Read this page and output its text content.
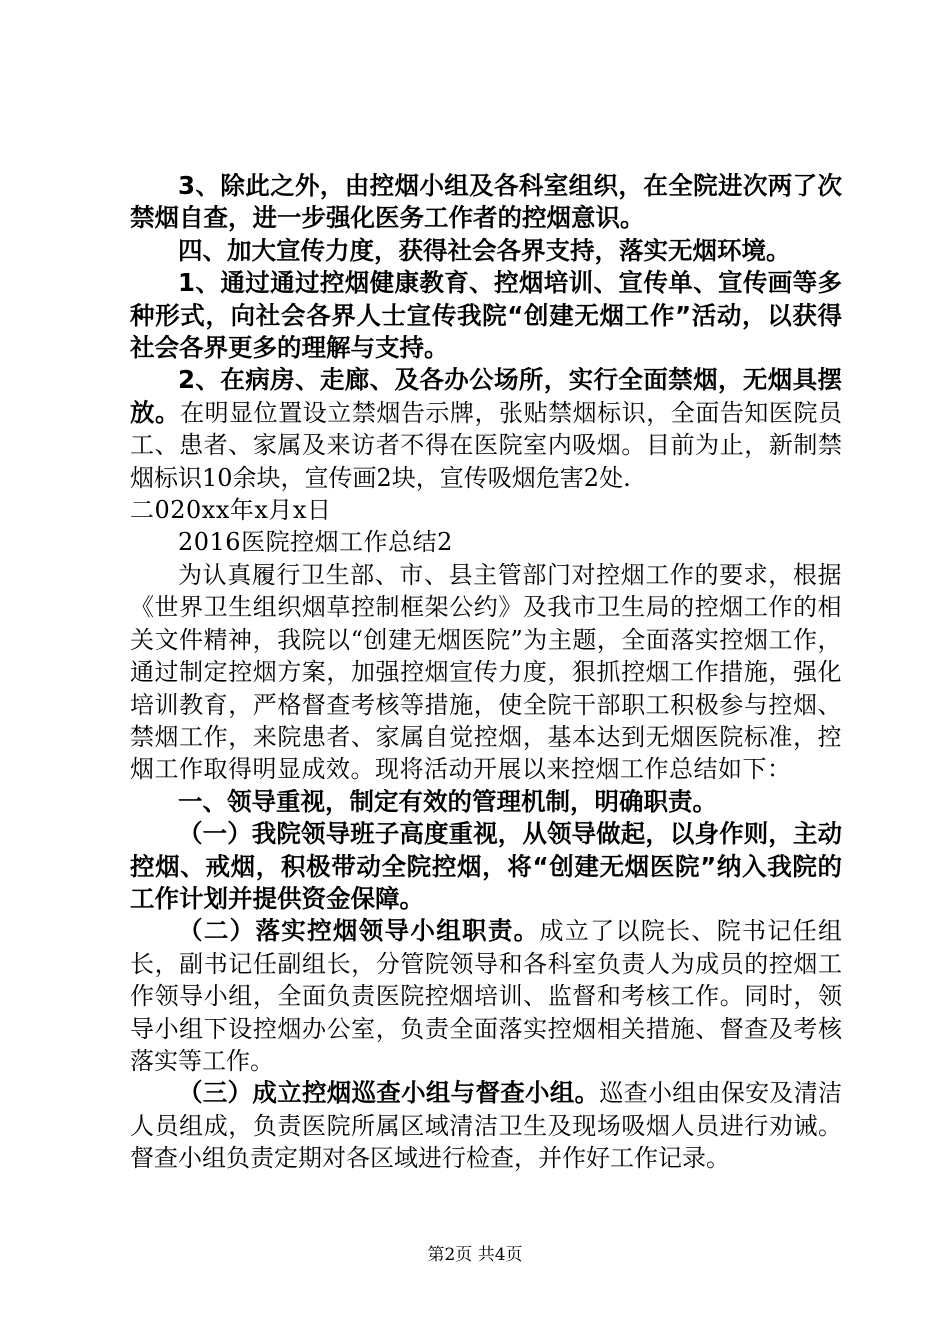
3、除此之外，由控烟小组及各科室组织，在全院进次两了次禁烟自查，进一步强化医务工作者的控烟意识。

四、加大宣传力度，获得社会各界支持，落实无烟环境。

1、通过通过控烟健康教育、控烟培训、宣传单、宣传画等多种形式，向社会各界人士宣传我院“创建无烟工作”活动，以获得社会各界更多的理解与支持。

2、在病房、走廊、及各办公场所，实行全面禁烟，无烟具摆放。在明显位置设立禁烟告示牌，张贴禁烟标识，全面告知医院员工、患者、家属及来访者不得在医院室内吸烟。目前为止，新制禁烟标识10余块，宣传画2块，宣传吸烟危害2处.

二020xx年x月x日

2016医院控烟工作总结2

为认真履行卫生部、市、县主管部门对控烟工作的要求，根据《世界卫生组织烟草控制框架公约》及我市卫生局的控烟工作的相关文件精神，我院以“创建无烟医院”为主题，全面落实控烟工作，通过制定控烟方案，加强控烟宣传力度，狠抓控烟工作措施，强化培训教育，严格督查考核等措施，使全院干部职工积极参与控烟、禁烟工作，来院患者、家属自觉控烟，基本达到无烟医院标准，控烟工作取得明显成效。现将活动开展以来控烟工作总结如下：

一、领导重视，制定有效的管理机制，明确职责。

（一）我院领导班子高度重视，从领导做起，以身作则，主动控烟、戒烟，积极带动全院控烟，将“创建无烟医院”纳入我院的工作计划并提供资金保障。

（二）落实控烟领导小组职责。成立了以院长、院书记任组长，副书记任副组长，分管院领导和各科室负责人为成员的控烟工作领导小组，全面负责医院控烟培训、监督和考核工作。同时，领导小组下设控烟办公室，负责全面落实控烟相关措施、督查及考核落实等工作。

（三）成立控烟巡查小组与督查小组。巡查小组由保安及清洁人员组成，负责医院所属区域清洁卫生及现场吸烟人员进行劝诫。督查小组负责定期对各区域进行检查，并作好工作记录。

第2页 共4页
